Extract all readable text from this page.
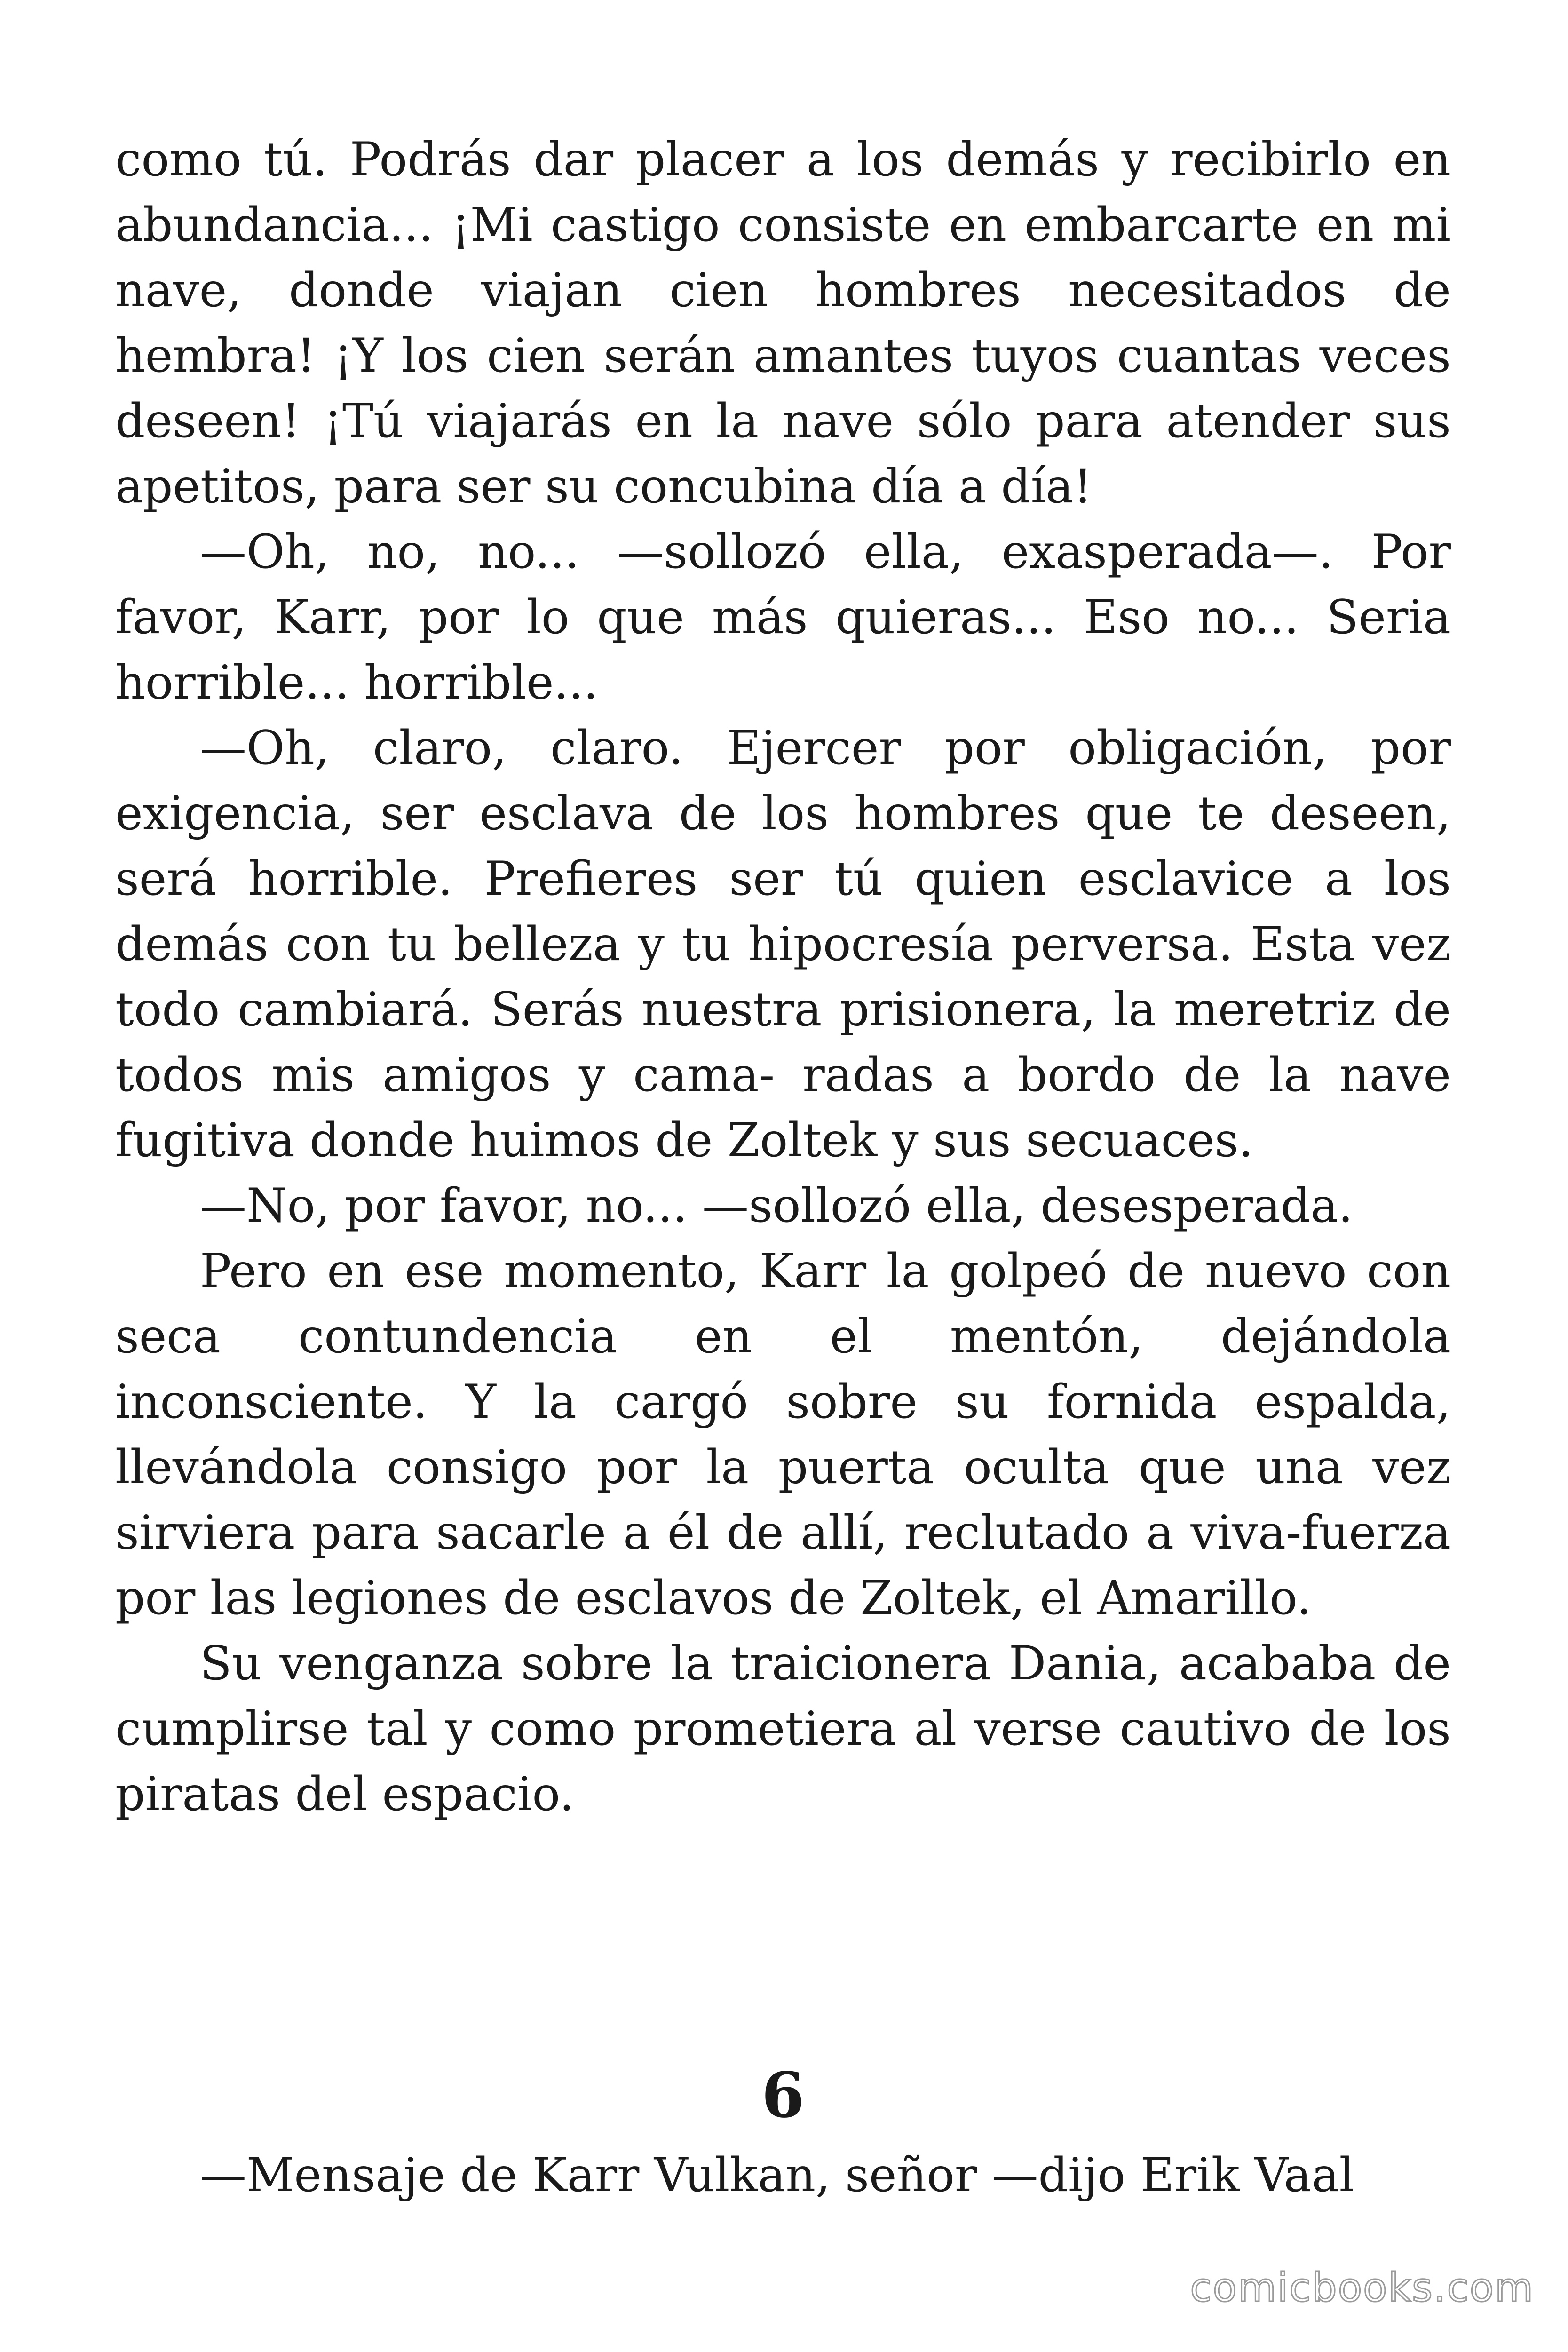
como tú. Podrás dar placer a los demás y recibirlo en abundancia... ¡Mi castigo consiste en embarcarte en mi nave, donde viajan cien hombres necesitados de hembra! ¡Y los cien serán amantes tuyos cuantas veces deseen! ¡Tú viajarás en la nave sólo para atender sus apetitos, para ser su concubina día a día!

—Oh, no, no... —sollozó ella, exasperada—. Por favor, Karr, por lo que más quieras... Eso no... Seria horrible... horrible...

—Oh, claro, claro. Ejercer por obligación, por exigencia, ser esclava de los hombres que te deseen, será horrible. Prefieres ser tú quien esclavice a los demás con tu belleza y tu hipocresía perversa. Esta vez todo cambiará. Serás nuestra prisionera, la meretriz de todos mis amigos y cama- radas a bordo de la nave fugitiva donde huimos de Zoltek y sus secuaces.

—No, por favor, no... —sollozó ella, desesperada.

Pero en ese momento, Karr la golpeó de nuevo con seca contundencia en el mentón, dejándola inconsciente. Y la cargó sobre su fornida espalda, llevándola consigo por la puerta oculta que una vez sirviera para sacarle a él de allí, reclutado a viva-fuerza por las legiones de esclavos de Zoltek, el Amarillo.

Su venganza sobre la traicionera Dania, acababa de cumplirse tal y como prometiera al verse cautivo de los piratas del espacio.

6

—Mensaje de Karr Vulkan, señor —dijo Erik Vaal

comicbooks.com
